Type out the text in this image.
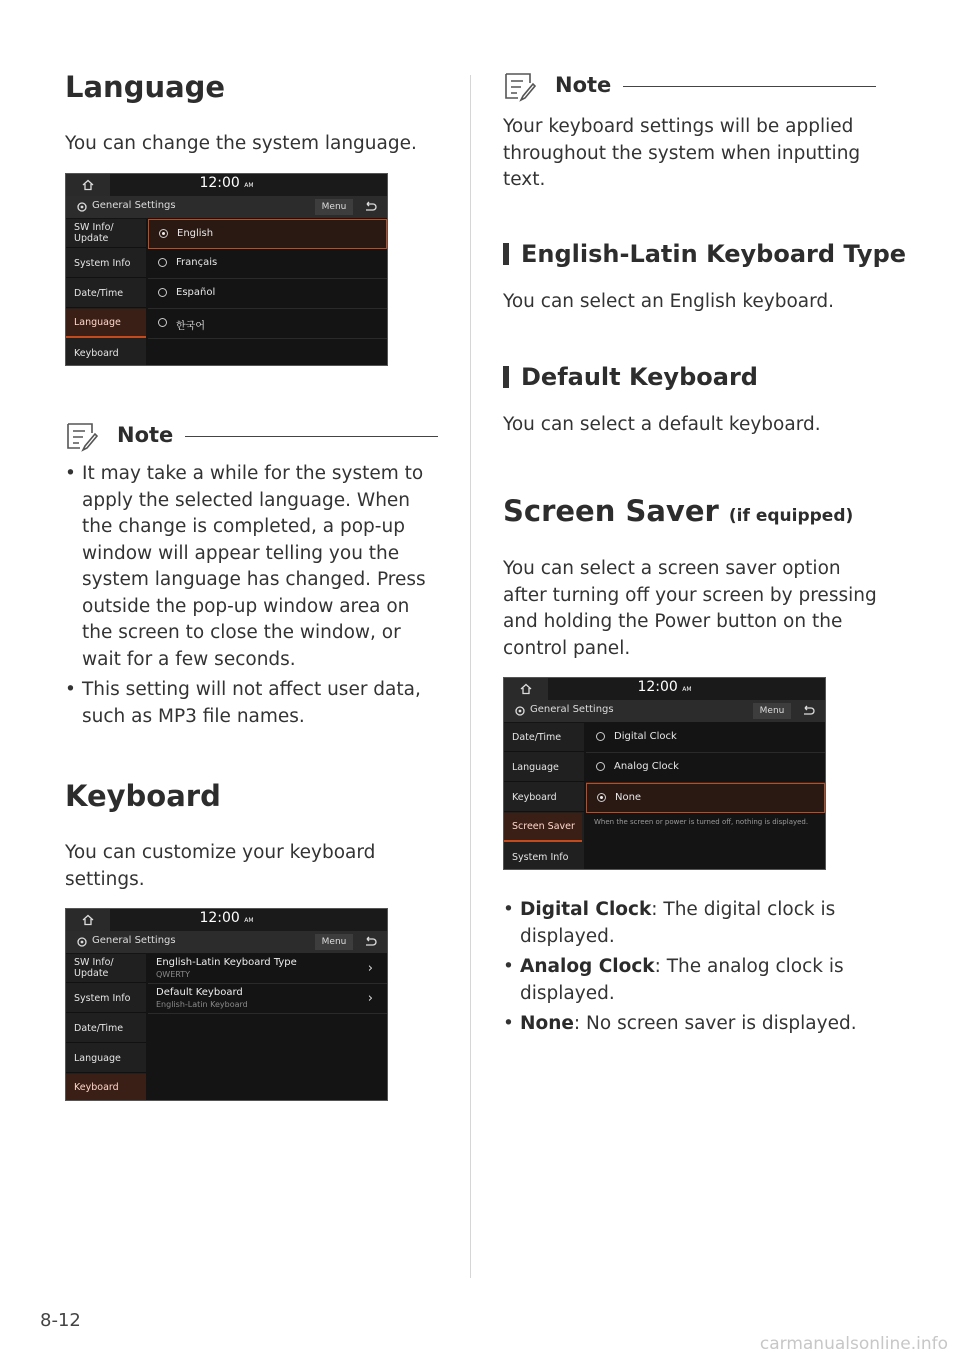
Language

You can change the system language.

12:00 AM
General Settings	Menu
SW Info/ Update
System Info
Date/Time
Language
Keyboard
English
Français
Español
한국어
Note
• It may take a while for the system to apply the selected language. When the change is completed, a pop-up window will appear telling you the system language has changed. Press outside the pop-up window area on the screen to close the window, or wait for a few seconds.
• This setting will not affect user data, such as MP3 file names.
Keyboard

You can customize your keyboard settings.

12:00 AM
General Settings	Menu
SW Info/ Update
System Info
Date/Time
Language
Keyboard
English-Latin Keyboard Type
QWERTY	›
Default Keyboard
English-Latin Keyboard	›
Note

Your keyboard settings will be applied throughout the system when inputting text.

English-Latin Keyboard Type

You can select an English keyboard.

Default Keyboard

You can select a default keyboard.

Screen Saver (if equipped)

You can select a screen saver option after turning off your screen by pressing and holding the Power button on the control panel.

12:00 AM
General Settings	Menu
Date/Time
Language
Keyboard
Screen Saver
System Info
Digital Clock
Analog Clock
None
When the screen or power is turned off, nothing is displayed.
• Digital Clock: The digital clock is displayed.
• Analog Clock: The analog clock is displayed.
• None: No screen saver is displayed.
8-12
carmanualsonline.info
